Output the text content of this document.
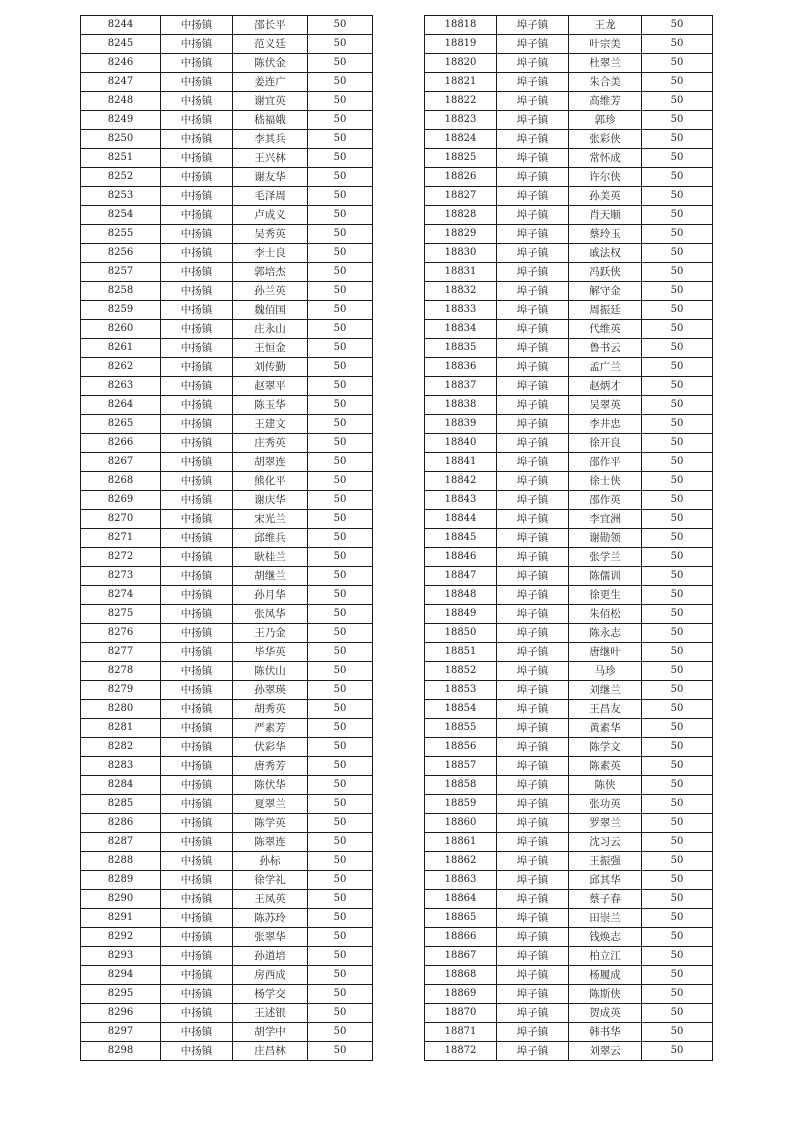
8244	中扬镇	邵长平	50
8245	中扬镇	范义廷	50
8246	中扬镇	陈伏金	50
8247	中扬镇	姜连广	50
8248	中扬镇	谢宜英	50
8249	中扬镇	嵇福娥	50
8250	中扬镇	李其兵	50
8251	中扬镇	王兴林	50
8252	中扬镇	谢友华	50
8253	中扬镇	毛泽周	50
8254	中扬镇	卢成义	50
8255	中扬镇	吴秀英	50
8256	中扬镇	李士良	50
8257	中扬镇	郭培杰	50
8258	中扬镇	孙兰英	50
8259	中扬镇	魏佰国	50
8260	中扬镇	庄永山	50
8261	中扬镇	王恒金	50
8262	中扬镇	刘传勤	50
8263	中扬镇	赵翠平	50
8264	中扬镇	陈玉华	50
8265	中扬镇	王建文	50
8266	中扬镇	庄秀英	50
8267	中扬镇	胡翠连	50
8268	中扬镇	熊化平	50
8269	中扬镇	谢庆华	50
8270	中扬镇	宋光兰	50
8271	中扬镇	邱维兵	50
8272	中扬镇	耿桂兰	50
8273	中扬镇	胡继兰	50
8274	中扬镇	孙月华	50
8275	中扬镇	张凤华	50
8276	中扬镇	王乃金	50
8277	中扬镇	毕华英	50
8278	中扬镇	陈伏山	50
8279	中扬镇	孙翠瑛	50
8280	中扬镇	胡秀英	50
8281	中扬镇	严素芳	50
8282	中扬镇	伏彩华	50
8283	中扬镇	唐秀芳	50
8284	中扬镇	陈伏华	50
8285	中扬镇	夏翠兰	50
8286	中扬镇	陈学英	50
8287	中扬镇	陈翠连	50
8288	中扬镇	孙标	50
8289	中扬镇	徐学礼	50
8290	中扬镇	王凤英	50
8291	中扬镇	陈苏玲	50
8292	中扬镇	张翠华	50
8293	中扬镇	孙道培	50
8294	中扬镇	房西成	50
8295	中扬镇	杨学交	50
8296	中扬镇	王述银	50
8297	中扬镇	胡学中	50
8298	中扬镇	庄昌林	50
18818	埠子镇	王龙	50
18819	埠子镇	叶宗美	50
18820	埠子镇	杜翠兰	50
18821	埠子镇	朱合美	50
18822	埠子镇	高维芳	50
18823	埠子镇	郭珍	50
18824	埠子镇	张彩侠	50
18825	埠子镇	常怀成	50
18826	埠子镇	许尔侠	50
18827	埠子镇	孙美英	50
18828	埠子镇	肖天顺	50
18829	埠子镇	蔡玲玉	50
18830	埠子镇	戚法权	50
18831	埠子镇	冯跃侠	50
18832	埠子镇	解守金	50
18833	埠子镇	周振廷	50
18834	埠子镇	代维英	50
18835	埠子镇	鲁书云	50
18836	埠子镇	孟广兰	50
18837	埠子镇	赵炳才	50
18838	埠子镇	吴翠英	50
18839	埠子镇	李井忠	50
18840	埠子镇	徐开良	50
18841	埠子镇	邵作平	50
18842	埠子镇	徐士侠	50
18843	埠子镇	邵作英	50
18844	埠子镇	李宜洲	50
18845	埠子镇	谢勋领	50
18846	埠子镇	张学兰	50
18847	埠子镇	陈儒训	50
18848	埠子镇	徐更生	50
18849	埠子镇	朱佰松	50
18850	埠子镇	陈永志	50
18851	埠子镇	唐继叶	50
18852	埠子镇	马珍	50
18853	埠子镇	刘继兰	50
18854	埠子镇	王昌友	50
18855	埠子镇	黄素华	50
18856	埠子镇	陈学文	50
18857	埠子镇	陈素英	50
18858	埠子镇	陈侠	50
18859	埠子镇	张功英	50
18860	埠子镇	罗翠兰	50
18861	埠子镇	沈习云	50
18862	埠子镇	王振强	50
18863	埠子镇	邱其华	50
18864	埠子镇	蔡子春	50
18865	埠子镇	田崇兰	50
18866	埠子镇	钱焕志	50
18867	埠子镇	柏立江	50
18868	埠子镇	杨履成	50
18869	埠子镇	陈斯侠	50
18870	埠子镇	贺成英	50
18871	埠子镇	韩书华	50
18872	埠子镇	刘翠云	50
